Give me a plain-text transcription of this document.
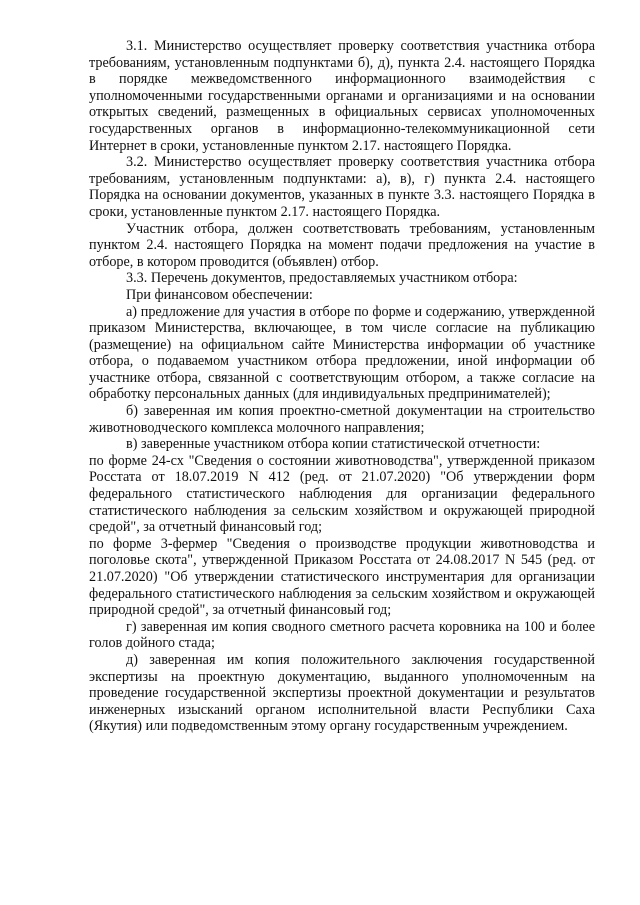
3.1. Министерство осуществляет проверку соответствия участника отбора требованиям, установленным подпунктами б), д), пункта 2.4. настоящего Порядка в порядке межведомственного информационного взаимодействия с уполномоченными государственными органами и организациями и на основании открытых сведений, размещенных в официальных сервисах уполномоченных государственных органов в информационно-телекоммуникационной сети Интернет в сроки, установленные пунктом 2.17. настоящего Порядка.

3.2. Министерство осуществляет проверку соответствия участника отбора требованиям, установленным подпунктами: а), в), г) пункта 2.4. настоящего Порядка на основании документов, указанных в пункте 3.3. настоящего Порядка в сроки, установленные пунктом 2.17. настоящего Порядка.

Участник отбора, должен соответствовать требованиям, установленным пунктом 2.4. настоящего Порядка на момент подачи предложения на участие в отборе, в котором проводится (объявлен) отбор.

3.3. Перечень документов, предоставляемых участником отбора:

При финансовом обеспечении:

а) предложение для участия в отборе по форме и содержанию, утвержденной приказом Министерства, включающее, в том числе согласие на публикацию (размещение) на официальном сайте Министерства информации об участнике отбора, о подаваемом участником отбора предложении, иной информации об участнике отбора, связанной с соответствующим отбором, а также согласие на обработку персональных данных (для индивидуальных предпринимателей);

б) заверенная им копия проектно-сметной документации на строительство животноводческого комплекса молочного направления;

в) заверенные участником отбора копии статистической отчетности:

по форме 24-сх "Сведения о состоянии животноводства", утвержденной приказом Росстата от 18.07.2019 N 412 (ред. от 21.07.2020) "Об утверждении форм федерального статистического наблюдения для организации федерального статистического наблюдения за сельским хозяйством и окружающей природной средой", за отчетный финансовый год;

по форме 3-фермер "Сведения о производстве продукции животноводства и поголовье скота", утвержденной Приказом Росстата от 24.08.2017 N 545 (ред. от 21.07.2020) "Об утверждении статистического инструментария для организации федерального статистического наблюдения за сельским хозяйством и окружающей природной средой", за отчетный финансовый год;

г) заверенная им копия сводного сметного расчета коровника на 100 и более голов дойного стада;

д) заверенная им копия положительного заключения государственной экспертизы на проектную документацию, выданного уполномоченным на проведение государственной экспертизы проектной документации и результатов инженерных изысканий органом исполнительной власти Республики Саха (Якутия) или подведомственным этому органу государственным учреждением.
